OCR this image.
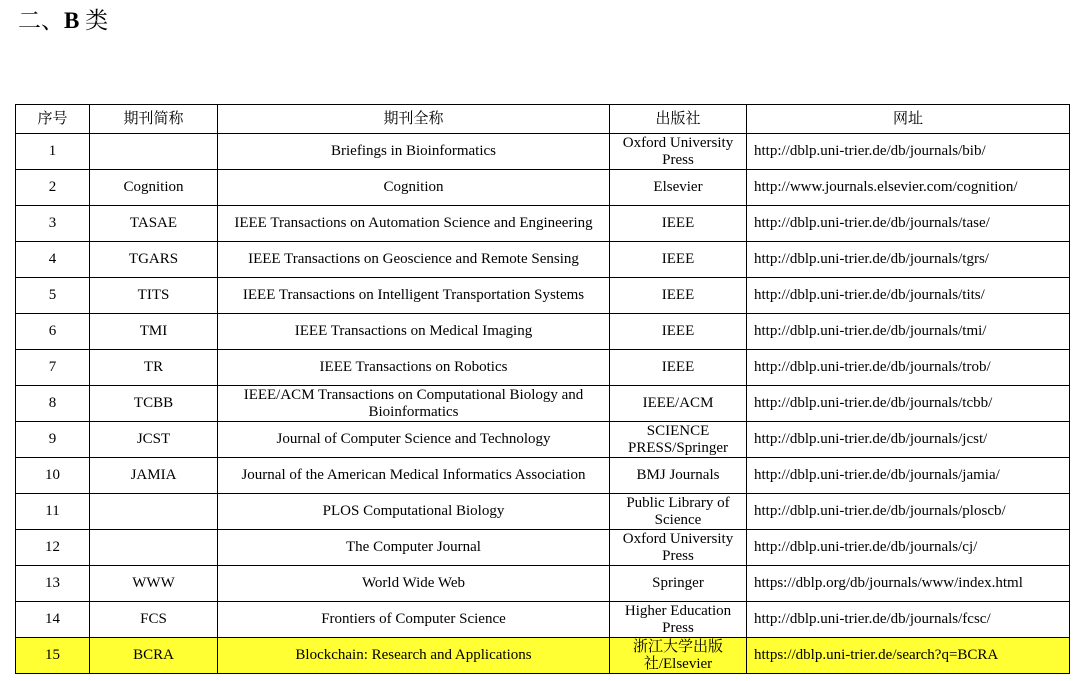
二、B 类
序号	期刊简称	期刊全称	出版社	网址
1		Briefings in Bioinformatics	Oxford University Press	http://dblp.uni-trier.de/db/journals/bib/
2	Cognition	Cognition	Elsevier	http://www.journals.elsevier.com/cognition/
3	TASAE	IEEE Transactions on Automation Science and Engineering	IEEE	http://dblp.uni-trier.de/db/journals/tase/
4	TGARS	IEEE Transactions on Geoscience and Remote Sensing	IEEE	http://dblp.uni-trier.de/db/journals/tgrs/
5	TITS	IEEE Transactions on Intelligent Transportation Systems	IEEE	http://dblp.uni-trier.de/db/journals/tits/
6	TMI	IEEE Transactions on Medical Imaging	IEEE	http://dblp.uni-trier.de/db/journals/tmi/
7	TR	IEEE Transactions on Robotics	IEEE	http://dblp.uni-trier.de/db/journals/trob/
8	TCBB	IEEE/ACM Transactions on Computational Biology and Bioinformatics	IEEE/ACM	http://dblp.uni-trier.de/db/journals/tcbb/
9	JCST	Journal of Computer Science and Technology	SCIENCE PRESS/Springer	http://dblp.uni-trier.de/db/journals/jcst/
10	JAMIA	Journal of the American Medical Informatics Association	BMJ Journals	http://dblp.uni-trier.de/db/journals/jamia/
11		PLOS Computational Biology	Public Library of Science	http://dblp.uni-trier.de/db/journals/ploscb/
12		The Computer Journal	Oxford University Press	http://dblp.uni-trier.de/db/journals/cj/
13	WWW	World Wide Web	Springer	https://dblp.org/db/journals/www/index.html
14	FCS	Frontiers of Computer Science	Higher Education Press	http://dblp.uni-trier.de/db/journals/fcsc/
15	BCRA	Blockchain: Research and Applications	浙江大学出版社/Elsevier	https://dblp.uni-trier.de/search?q=BCRA
